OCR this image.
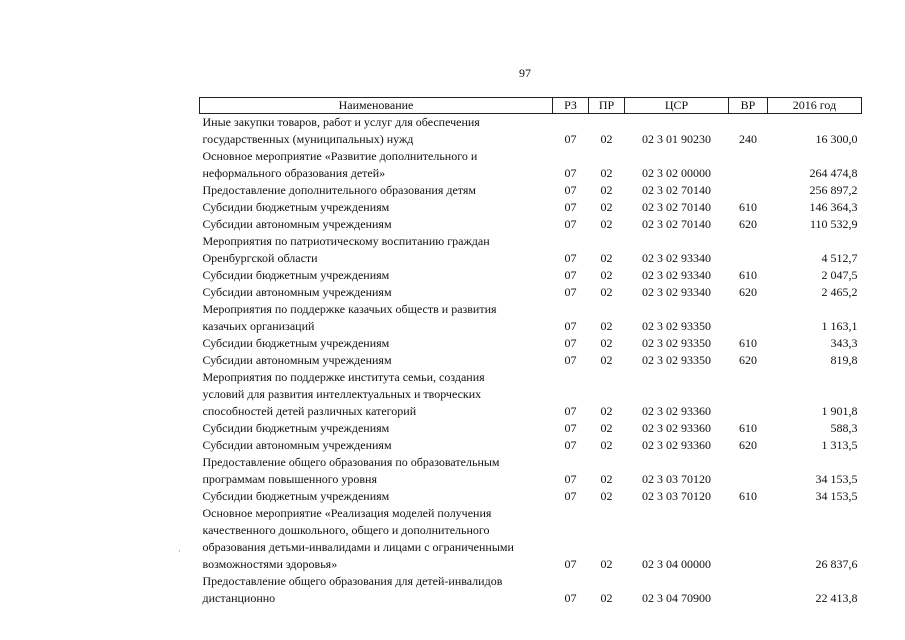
97
·
Наименование	РЗ	ПР	ЦСР	ВР	2016 год
Иные закупки товаров, работ и услуг для обеспечения
государственных (муниципальных) нужд	07	02	02 3 01 90230	240	16 300,0
Основное мероприятие «Развитие дополнительного и
неформального образования детей»	07	02	02 3 02 00000		264 474,8
Предоставление дополнительного образования детям	07	02	02 3 02 70140		256 897,2
Субсидии бюджетным учреждениям	07	02	02 3 02 70140	610	146 364,3
Субсидии автономным учреждениям	07	02	02 3 02 70140	620	110 532,9
Мероприятия по патриотическому воспитанию граждан
Оренбургской области	07	02	02 3 02 93340		4 512,7
Субсидии бюджетным учреждениям	07	02	02 3 02 93340	610	2 047,5
Субсидии автономным учреждениям	07	02	02 3 02 93340	620	2 465,2
Мероприятия по поддержке казачьих обществ и развития
казачьих организаций	07	02	02 3 02 93350		1 163,1
Субсидии бюджетным учреждениям	07	02	02 3 02 93350	610	343,3
Субсидии автономным учреждениям	07	02	02 3 02 93350	620	819,8
Мероприятия по поддержке института семьи, создания
условий для развития интеллектуальных и творческих
способностей детей различных категорий	07	02	02 3 02 93360		1 901,8
Субсидии бюджетным учреждениям	07	02	02 3 02 93360	610	588,3
Субсидии автономным учреждениям	07	02	02 3 02 93360	620	1 313,5
Предоставление общего образования по образовательным
программам повышенного уровня	07	02	02 3 03 70120		34 153,5
Субсидии бюджетным учреждениям	07	02	02 3 03 70120	610	34 153,5
Основное мероприятие «Реализация моделей получения
качественного дошкольного, общего и дополнительного
образования детьми-инвалидами и лицами с ограниченными
возможностями здоровья»	07	02	02 3 04 00000		26 837,6
Предоставление общего образования для детей-инвалидов
дистанционно	07	02	02 3 04 70900		22 413,8
